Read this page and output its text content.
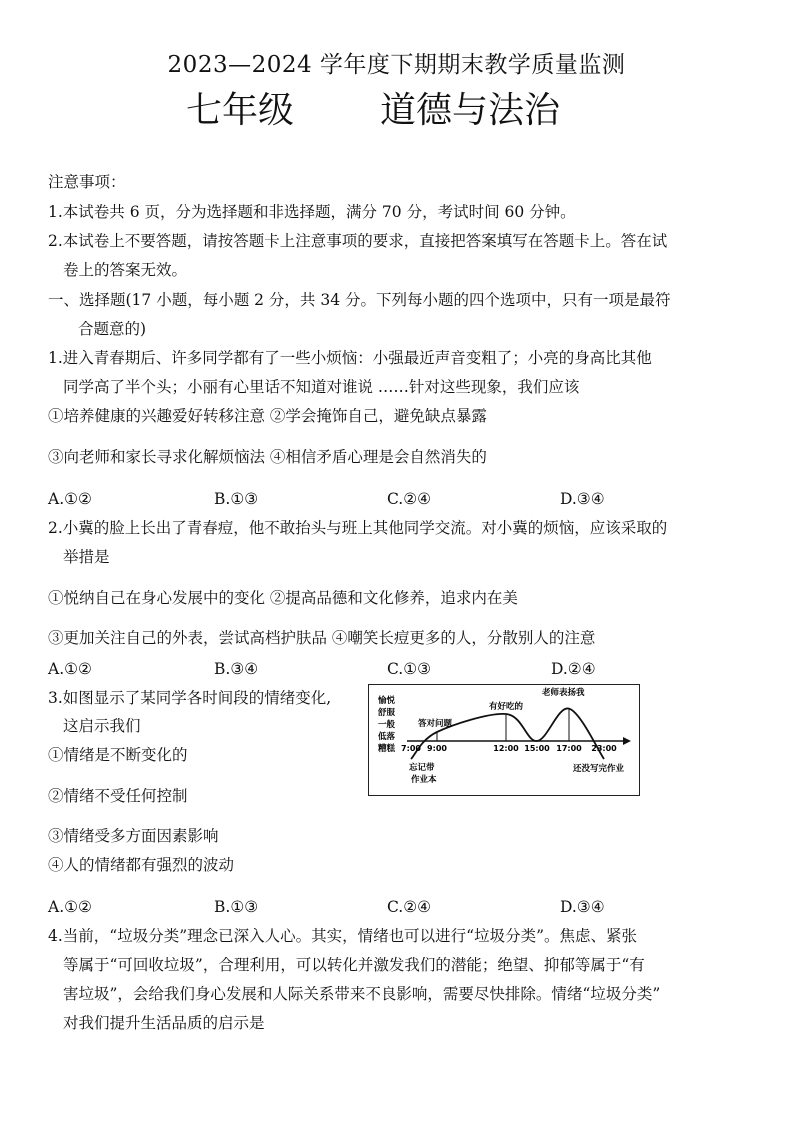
2023—2024 学年度下期期末教学质量监测
七年级 道德与法治
注意事项：
1.本试卷共 6 页，分为选择题和非选择题，满分 70 分，考试时间 60 分钟。
2.本试卷上不要答题，请按答题卡上注意事项的要求，直接把答案填写在答题卡上。答在试
卷上的答案无效。
一、选择题(17 小题，每小题 2 分，共 34 分。下列每小题的四个选项中，只有一项是最符
合题意的)
1.进入青春期后、许多同学都有了一些小烦恼：小强最近声音变粗了；小亮的身高比其他
同学高了半个头；小丽有心里话不知道对谁说 ……针对这些现象，我们应该
①培养健康的兴趣爱好转移注意 ②学会掩饰自己，避免缺点暴露
③向老师和家长寻求化解烦恼法 ④相信矛盾心理是会自然消失的
A.①②	B.①③	C.②④	D.③④
2.小冀的脸上长出了青春痘，他不敢抬头与班上其他同学交流。对小冀的烦恼，应该采取的
举措是
①悦纳自己在身心发展中的变化 ②提高品德和文化修养，追求内在美
③更加关注自己的外表，尝试高档护肤品 ④嘲笑长痘更多的人，分散别人的注意
A.①②	B.③④	C.①③	D.②④
3.如图显示了某同学各时间段的情绪变化,
这启示我们
①情绪是不断变化的
②情绪不受任何控制
③情绪受多方面因素影响
④人的情绪都有强烈的波动
A.①②	B.①③	C.②④	D.③④
4.当前，“垃圾分类”理念已深入人心。其实，情绪也可以进行“垃圾分类”。焦虑、紧张
等属于“可回收垃圾”，合理利用，可以转化并激发我们的潜能；绝望、抑郁等属于“有
害垃圾”，会给我们身心发展和人际关系带来不良影响，需要尽快排除。情绪“垃圾分类”
对我们提升生活品质的启示是
愉悦
舒服
一般
低落
糟糕 7:00 9:00	12:00 15:00 17:00 23:00
答对问题
有好吃的
老师表扬我
忘记带
作业本
还没写完作业
